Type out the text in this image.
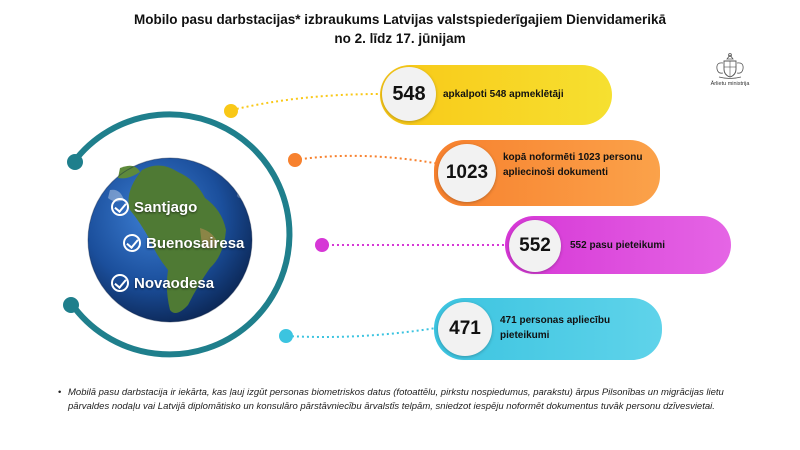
Mobilo pasu darbstacijas* izbraukums Latvijas valstspiederīgajiem Dienvidamerikā
no 2. līdz 17. jūnijam
Ārlietu ministrija
Santjago
Buenosairesa
Novaodesa
548	apkalpoti 548 apmeklētāji
1023
kopā noformēti 1023 personu apliecinoši dokumenti
552	552 pasu pieteikumi
471	471 personas apliecību pieteikumi
• Mobilā pasu darbstacija ir iekārta, kas ļauj izgūt personas biometriskos datus (fotoattēlu, pirkstu nospiedumus, parakstu) ārpus Pilsonības un migrācijas lietu pārvaldes nodaļu vai Latvijā diplomātisko un konsulāro pārstāvniecību ārvalstīs telpām, sniedzot iespēju noformēt dokumentus tuvāk personu dzīvesvietai.
